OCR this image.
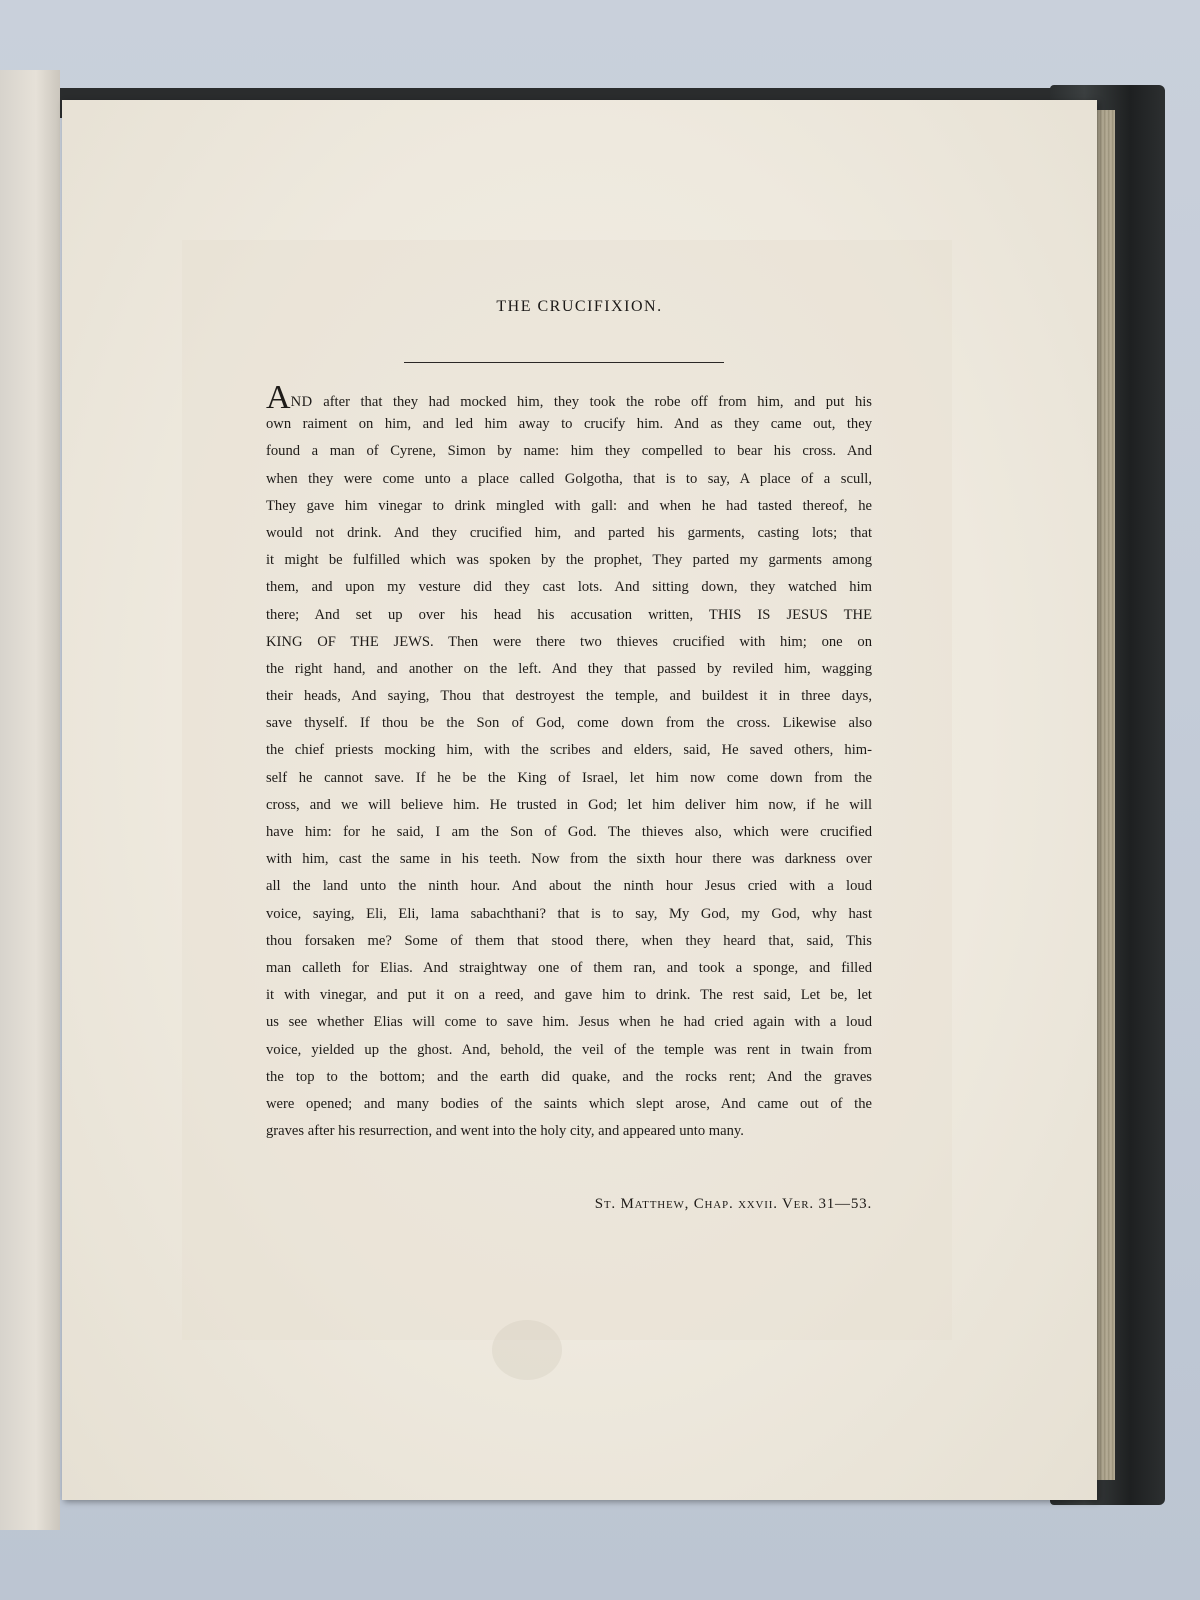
THE CRUCIFIXION.
AND after that they had mocked him, they took the robe off from him, and put his
own raiment on him, and led him away to crucify him. And as they came out, they
found a man of Cyrene, Simon by name: him they compelled to bear his cross. And
when they were come unto a place called Golgotha, that is to say, A place of a scull,
They gave him vinegar to drink mingled with gall: and when he had tasted thereof, he
would not drink. And they crucified him, and parted his garments, casting lots; that
it might be fulfilled which was spoken by the prophet, They parted my garments among
them, and upon my vesture did they cast lots. And sitting down, they watched him
there; And set up over his head his accusation written, THIS IS JESUS THE
KING OF THE JEWS. Then were there two thieves crucified with him; one on
the right hand, and another on the left. And they that passed by reviled him, wagging
their heads, And saying, Thou that destroyest the temple, and buildest it in three days,
save thyself. If thou be the Son of God, come down from the cross. Likewise also
the chief priests mocking him, with the scribes and elders, said, He saved others, him-
self he cannot save. If he be the King of Israel, let him now come down from the
cross, and we will believe him. He trusted in God; let him deliver him now, if he will
have him: for he said, I am the Son of God. The thieves also, which were crucified
with him, cast the same in his teeth. Now from the sixth hour there was darkness over
all the land unto the ninth hour. And about the ninth hour Jesus cried with a loud
voice, saying, Eli, Eli, lama sabachthani? that is to say, My God, my God, why hast
thou forsaken me? Some of them that stood there, when they heard that, said, This
man calleth for Elias. And straightway one of them ran, and took a sponge, and filled
it with vinegar, and put it on a reed, and gave him to drink. The rest said, Let be, let
us see whether Elias will come to save him. Jesus when he had cried again with a loud
voice, yielded up the ghost. And, behold, the veil of the temple was rent in twain from
the top to the bottom; and the earth did quake, and the rocks rent; And the graves
were opened; and many bodies of the saints which slept arose, And came out of the
graves after his resurrection, and went into the holy city, and appeared unto many.
St. Matthew, Chap. xxvii. Ver. 31—53.
